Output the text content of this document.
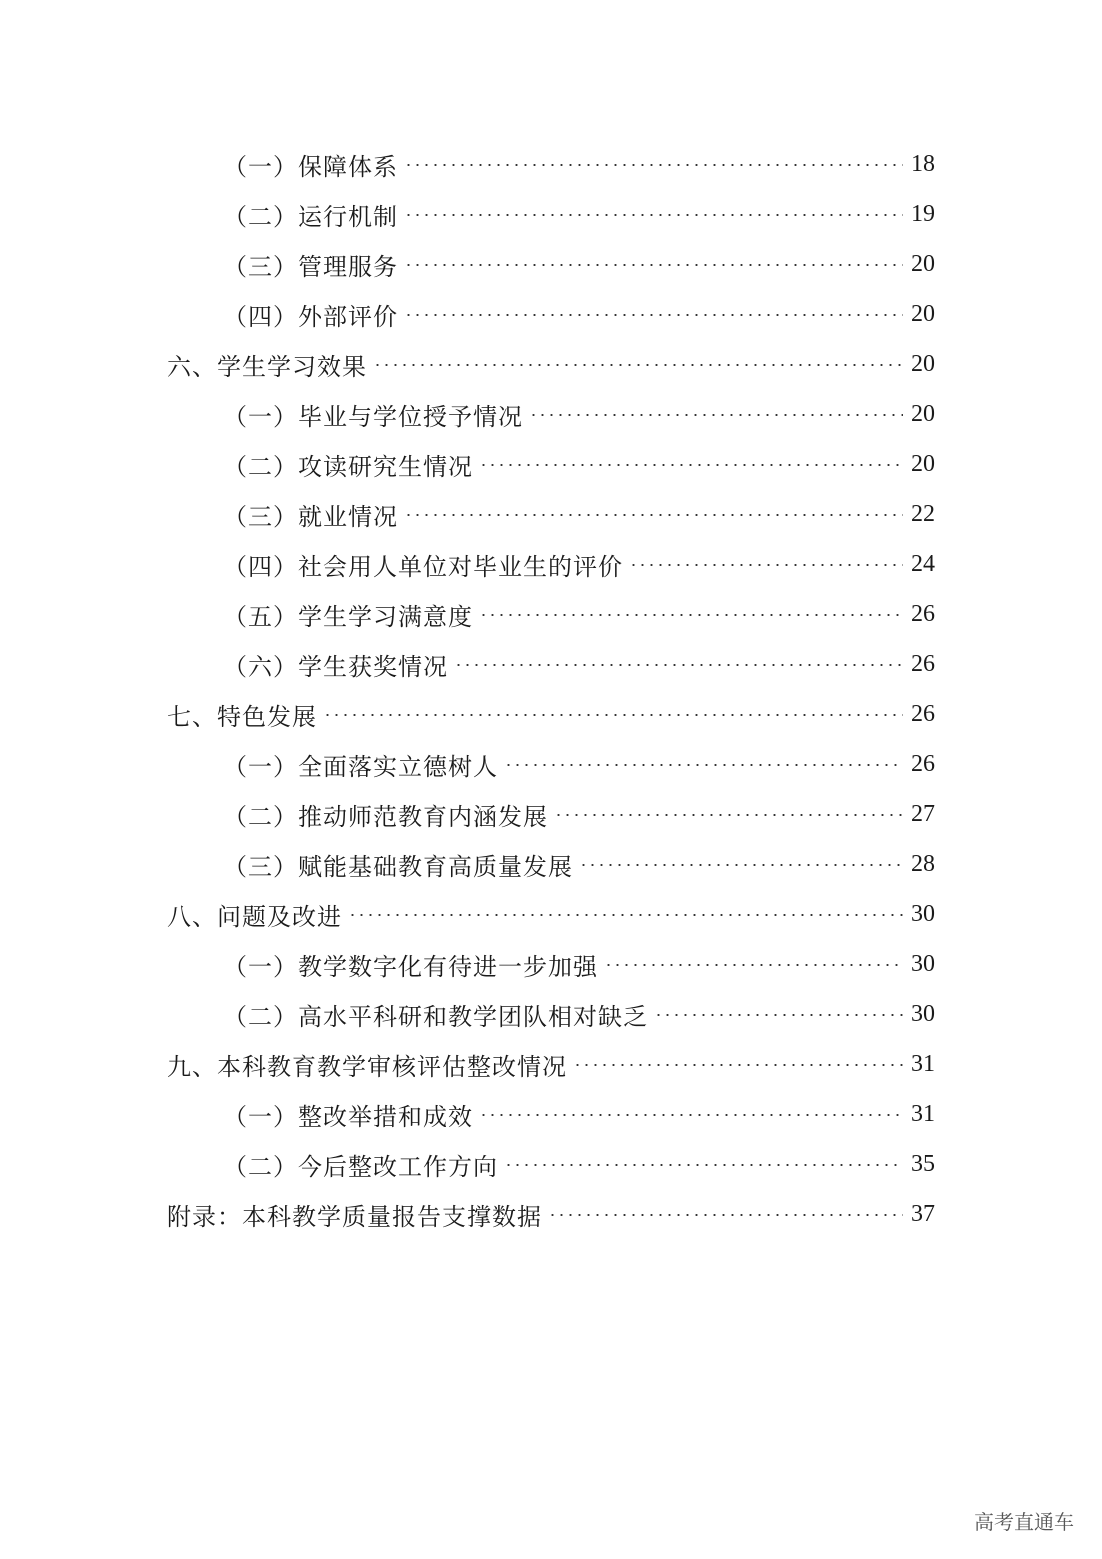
（一）保障体系	18
（二）运行机制	19
（三）管理服务	20
（四）外部评价	20
六、学生学习效果	20
（一）毕业与学位授予情况	20
（二）攻读研究生情况	20
（三）就业情况	22
（四）社会用人单位对毕业生的评价	24
（五）学生学习满意度	26
（六）学生获奖情况	26
七、特色发展	26
（一）全面落实立德树人	26
（二）推动师范教育内涵发展	27
（三）赋能基础教育高质量发展	28
八、问题及改进	30
（一）教学数字化有待进一步加强	30
（二）高水平科研和教学团队相对缺乏	30
九、本科教育教学审核评估整改情况	31
（一）整改举措和成效	31
（二）今后整改工作方向	35
附录：本科教学质量报告支撑数据	37
高考直通车
